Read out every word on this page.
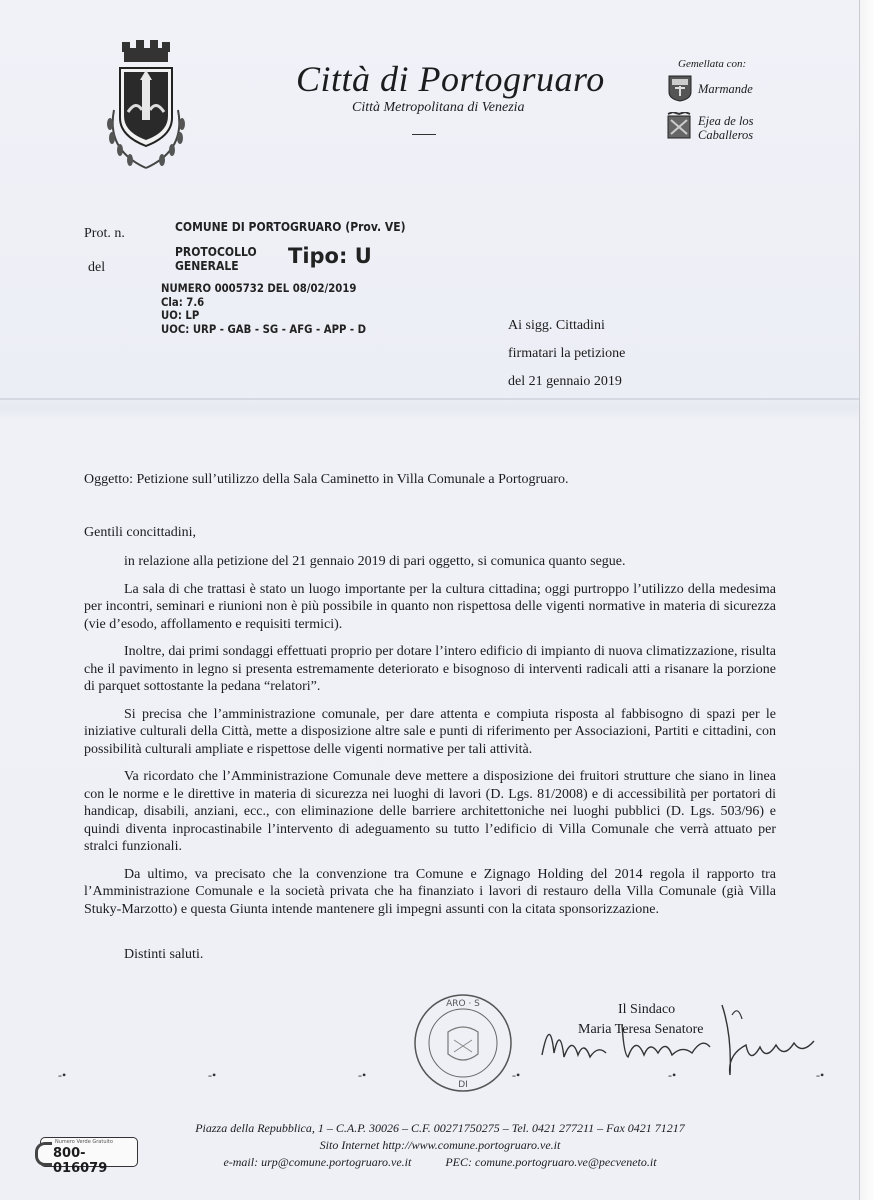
Città di Portogruaro
Città Metropolitana di Venezia
Gemellata con:
Marmande
Ejea de los Caballeros
Prot. n.
del
COMUNE DI PORTOGRUARO (Prov. VE)
PROTOCOLLO GENERALE	Tipo: U
NUMERO 0005732 DEL 08/02/2019
Cla: 7.6
UO: LP
UOC: URP - GAB - SG - AFG - APP - D	Ai sigg. Cittadini
firmatari la petizione
del 21 gennaio 2019
Oggetto: Petizione sull’utilizzo della Sala Caminetto in Villa Comunale a Portogruaro.
Gentili concittadini,

in relazione alla petizione del 21 gennaio 2019 di pari oggetto, si comunica quanto segue.

La sala di che trattasi è stato un luogo importante per la cultura cittadina; oggi purtroppo l’utilizzo della medesima per incontri, seminari e riunioni non è più possibile in quanto non rispettosa delle vigenti normative in materia di sicurezza (vie d’esodo, affollamento e requisiti termici).

Inoltre, dai primi sondaggi effettuati proprio per dotare l’intero edificio di impianto di nuova climatizzazione, risulta che il pavimento in legno si presenta estremamente deteriorato e bisognoso di interventi radicali atti a risanare la porzione di parquet sottostante la pedana “relatori”.

Si precisa che l’amministrazione comunale, per dare attenta e compiuta risposta al fabbisogno di spazi per le iniziative culturali della Città, mette a disposizione altre sale e punti di riferimento per Associazioni, Partiti e cittadini, con possibilità culturali ampliate e rispettose delle vigenti normative per tali attività.

Va ricordato che l’Amministrazione Comunale deve mettere a disposizione dei fruitori strutture che siano in linea con le norme e le direttive in materia di sicurezza nei luoghi di lavori (D. Lgs. 81/2008) e di accessibilità per portatori di handicap, disabili, anziani, ecc., con eliminazione delle barriere architettoniche nei luoghi pubblici (D. Lgs. 503/96) e quindi diventa inprocastinabile l’intervento di adeguamento su tutto l’edificio di Villa Comunale che verrà attuato per stralci funzionali.

Da ultimo, va precisato che la convenzione tra Comune e Zignago Holding del 2014 regola il rapporto tra l’Amministrazione Comunale e la società privata che ha finanziato i lavori di restauro della Villa Comunale (già Villa Stuky-Marzotto) e questa Giunta intende mantenere gli impegni assunti con la citata sponsorizzazione.

Distinti saluti.
ARO · S
DI
Il Sindaco
Maria Teresa Senatore
-•	-•	-•	-•	-•	-•
Piazza della Repubblica, 1 – C.A.P. 30026 – C.F. 00271750275 – Tel. 0421 277211 – Fax 0421 71217
Sito Internet http://www.comune.portogruaro.ve.it
e-mail: urp@comune.portogruaro.ve.it	PEC: comune.portogruaro.ve@pecveneto.it
Numero Verde Gratuito
800-016079
